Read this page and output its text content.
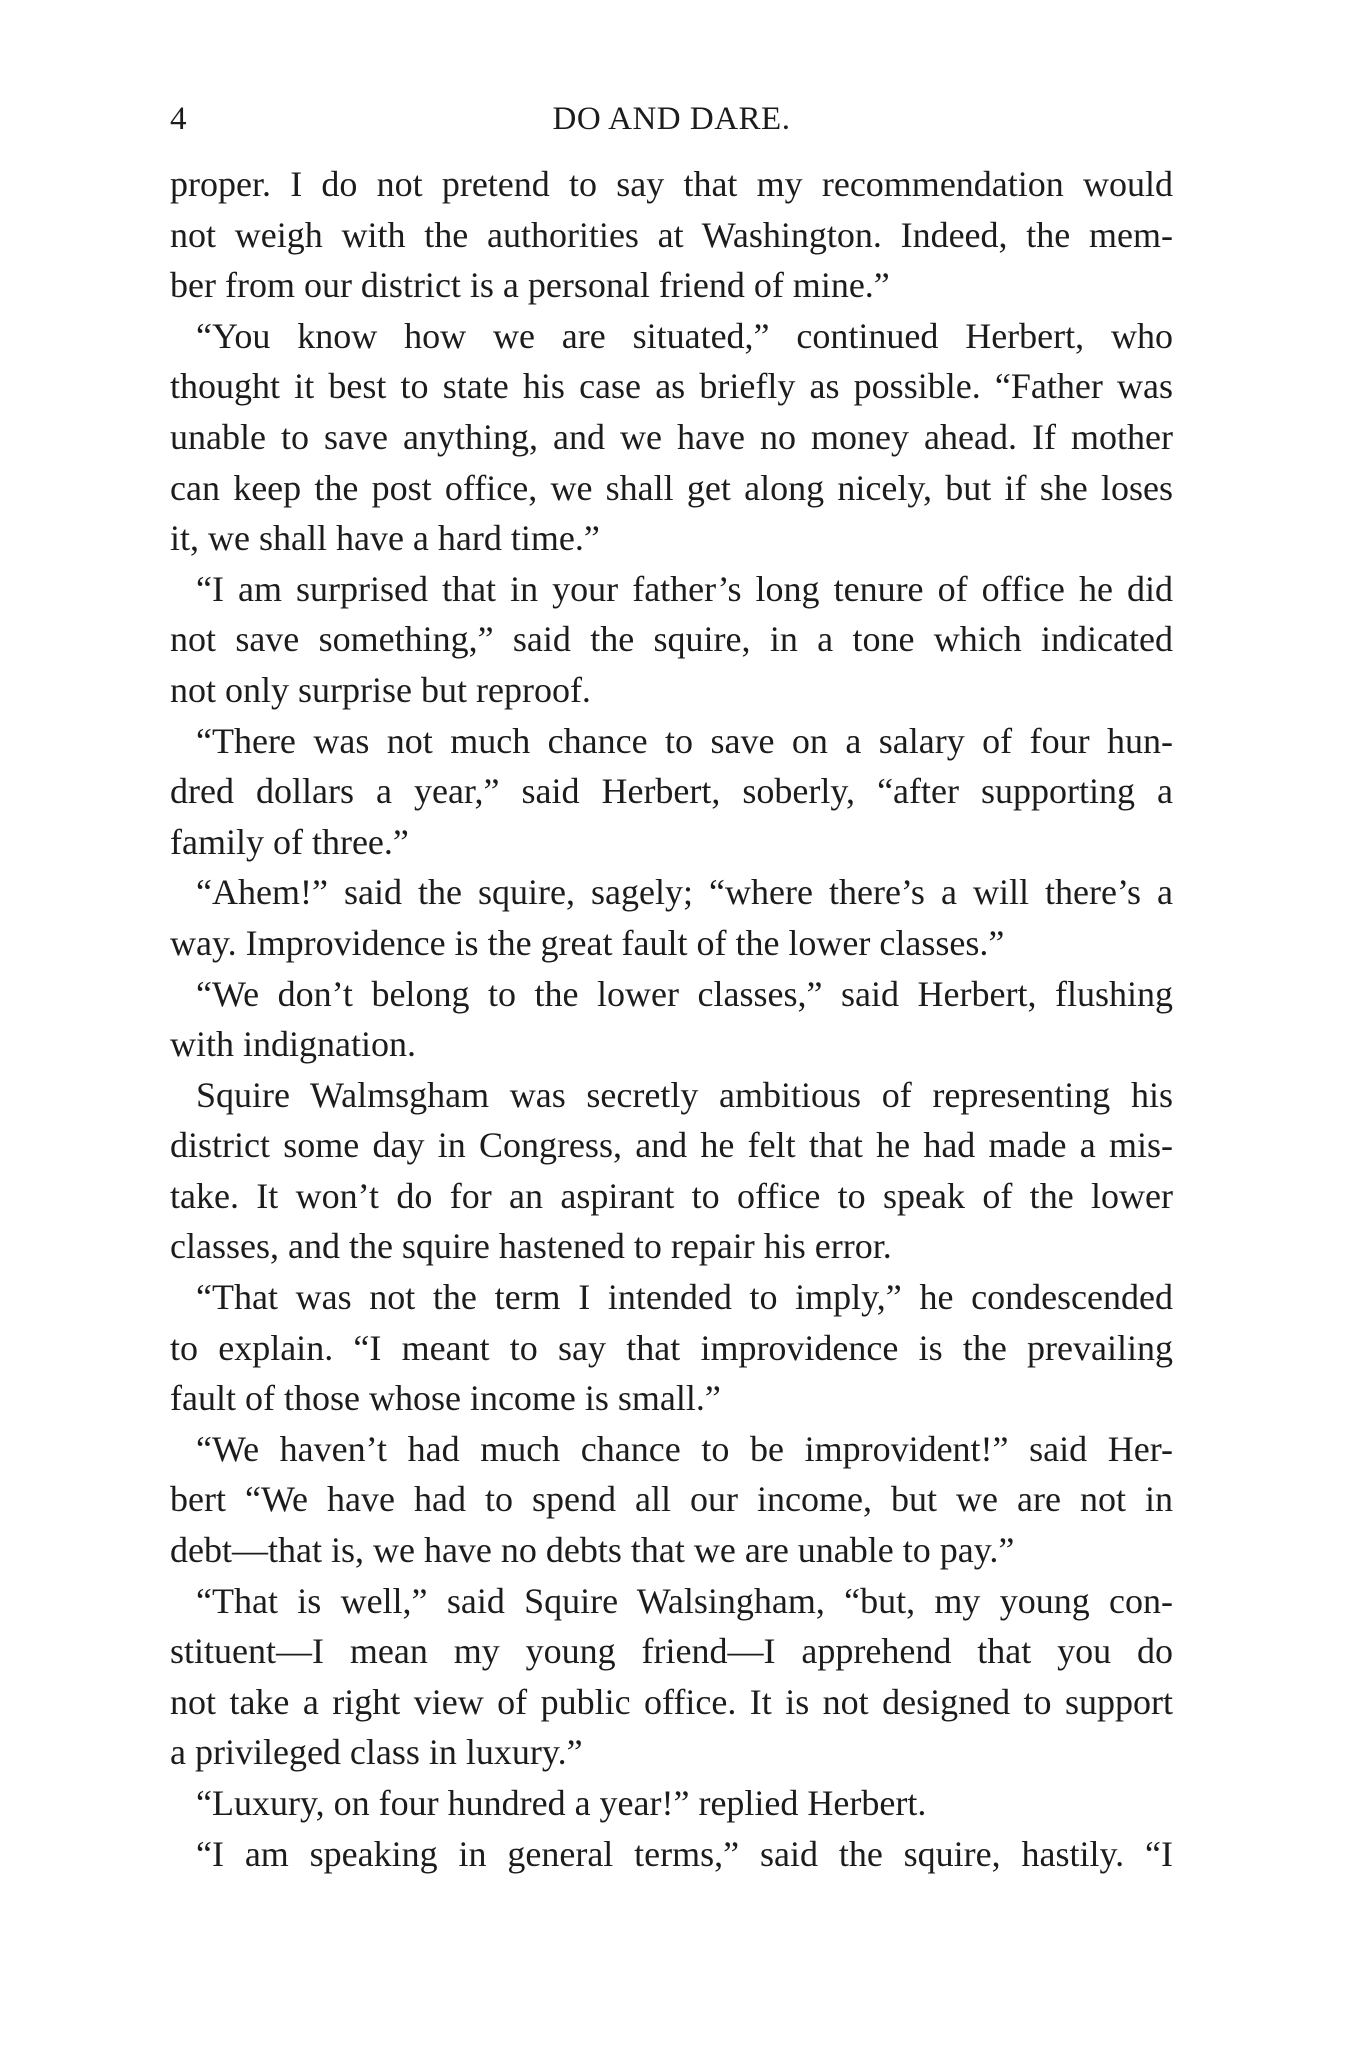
4	DO AND DARE.
proper. I do not pretend to say that my recommendation would
not weigh with the authorities at Washington. Indeed, the mem-
ber from our district is a personal friend of mine.”
“You know how we are situated,” continued Herbert, who
thought it best to state his case as briefly as possible. “Father was
unable to save anything, and we have no money ahead. If mother
can keep the post office, we shall get along nicely, but if she loses
it, we shall have a hard time.”
“I am surprised that in your father’s long tenure of office he did
not save something,” said the squire, in a tone which indicated
not only surprise but reproof.
“There was not much chance to save on a salary of four hun-
dred dollars a year,” said Herbert, soberly, “after supporting a
family of three.”
“Ahem!” said the squire, sagely; “where there’s a will there’s a
way. Improvidence is the great fault of the lower classes.”
“We don’t belong to the lower classes,” said Herbert, flushing
with indignation.
Squire Walmsgham was secretly ambitious of representing his
district some day in Congress, and he felt that he had made a mis-
take. It won’t do for an aspirant to office to speak of the lower
classes, and the squire hastened to repair his error.
“That was not the term I intended to imply,” he condescended
to explain. “I meant to say that improvidence is the prevailing
fault of those whose income is small.”
“We haven’t had much chance to be improvident!” said Her-
bert “We have had to spend all our income, but we are not in
debt—that is, we have no debts that we are unable to pay.”
“That is well,” said Squire Walsingham, “but, my young con-
stituent—I mean my young friend—I apprehend that you do
not take a right view of public office. It is not designed to support
a privileged class in luxury.”
“Luxury, on four hundred a year!” replied Herbert.
“I am speaking in general terms,” said the squire, hastily. “I
